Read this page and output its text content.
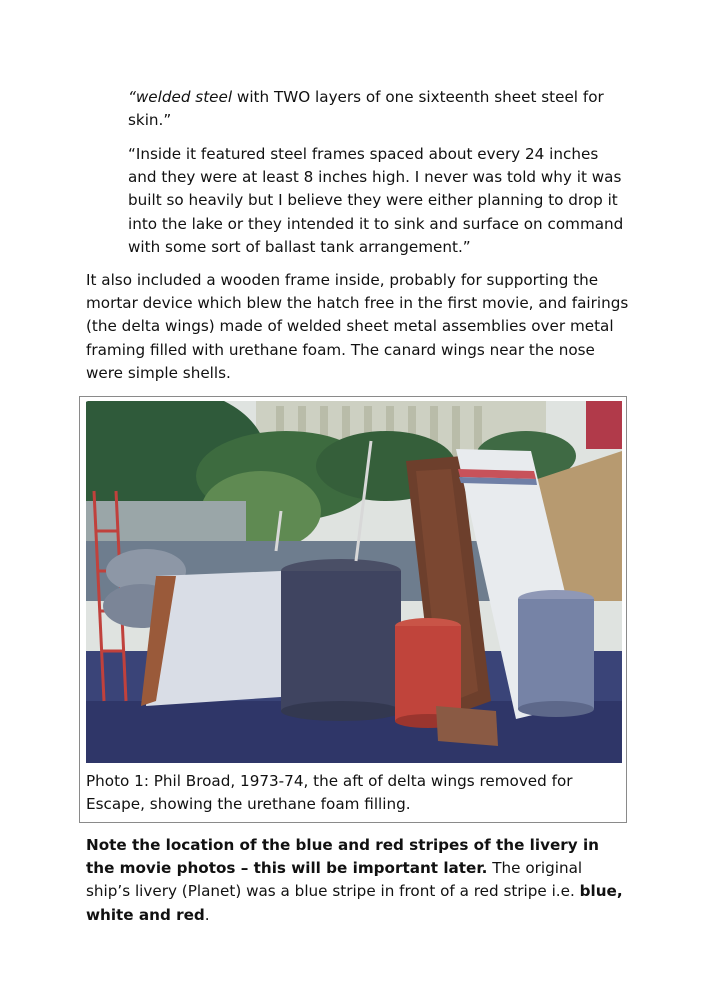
“welded steel with TWO layers of one sixteenth sheet steel for skin.”

“Inside it featured steel frames spaced about every 24 inches and they were at least 8 inches high. I never was told why it was built so heavily but I believe they were either planning to drop it into the lake or they intended it to sink and surface on command with some sort of ballast tank arrangement.”

It also included a wooden frame inside, probably for supporting the mortar device which blew the hatch free in the first movie, and fairings (the delta wings) made of welded sheet metal assemblies over metal framing filled with urethane foam. The canard wings near the nose were simple shells.

Photo 1: Phil Broad, 1973-74, the aft of delta wings removed for Escape, showing the urethane foam filling.

Note the location of the blue and red stripes of the livery in the movie photos – this will be important later. The original ship’s livery (Planet) was a blue stripe in front of a red stripe i.e. blue, white and red.
